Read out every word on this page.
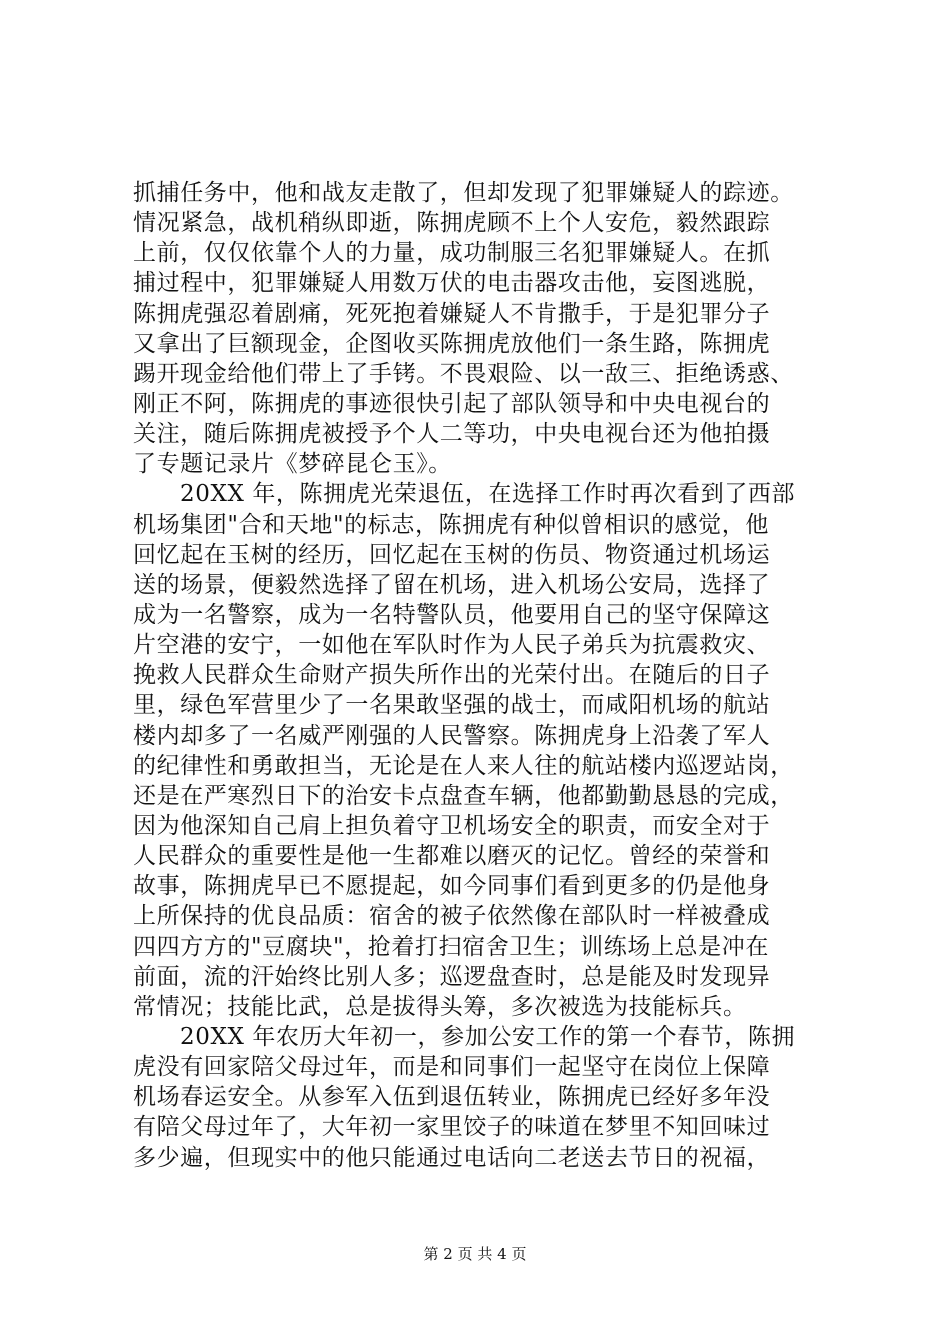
抓捕任务中，他和战友走散了，但却发现了犯罪嫌疑人的踪迹。
情况紧急，战机稍纵即逝，陈拥虎顾不上个人安危，毅然跟踪
上前，仅仅依靠个人的力量，成功制服三名犯罪嫌疑人。在抓
捕过程中，犯罪嫌疑人用数万伏的电击器攻击他，妄图逃脱，
陈拥虎强忍着剧痛，死死抱着嫌疑人不肯撒手，于是犯罪分子
又拿出了巨额现金，企图收买陈拥虎放他们一条生路，陈拥虎
踢开现金给他们带上了手铐。不畏艰险、以一敌三、拒绝诱惑、
刚正不阿，陈拥虎的事迹很快引起了部队领导和中央电视台的
关注，随后陈拥虎被授予个人二等功，中央电视台还为他拍摄
了专题记录片《梦碎昆仑玉》。
20XX 年，陈拥虎光荣退伍，在选择工作时再次看到了西部
机场集团"合和天地"的标志，陈拥虎有种似曾相识的感觉，他
回忆起在玉树的经历，回忆起在玉树的伤员、物资通过机场运
送的场景，便毅然选择了留在机场，进入机场公安局，选择了
成为一名警察，成为一名特警队员，他要用自己的坚守保障这
片空港的安宁，一如他在军队时作为人民子弟兵为抗震救灾、
挽救人民群众生命财产损失所作出的光荣付出。在随后的日子
里，绿色军营里少了一名果敢坚强的战士，而咸阳机场的航站
楼内却多了一名威严刚强的人民警察。陈拥虎身上沿袭了军人
的纪律性和勇敢担当，无论是在人来人往的航站楼内巡逻站岗，
还是在严寒烈日下的治安卡点盘查车辆，他都勤勤恳恳的完成，
因为他深知自己肩上担负着守卫机场安全的职责，而安全对于
人民群众的重要性是他一生都难以磨灭的记忆。曾经的荣誉和
故事，陈拥虎早已不愿提起，如今同事们看到更多的仍是他身
上所保持的优良品质：宿舍的被子依然像在部队时一样被叠成
四四方方的"豆腐块"，抢着打扫宿舍卫生；训练场上总是冲在
前面，流的汗始终比别人多；巡逻盘查时，总是能及时发现异
常情况；技能比武，总是拔得头筹，多次被选为技能标兵。
20XX 年农历大年初一，参加公安工作的第一个春节，陈拥
虎没有回家陪父母过年，而是和同事们一起坚守在岗位上保障
机场春运安全。从参军入伍到退伍转业，陈拥虎已经好多年没
有陪父母过年了，大年初一家里饺子的味道在梦里不知回味过
多少遍，但现实中的他只能通过电话向二老送去节日的祝福，
第 2 页 共 4 页
